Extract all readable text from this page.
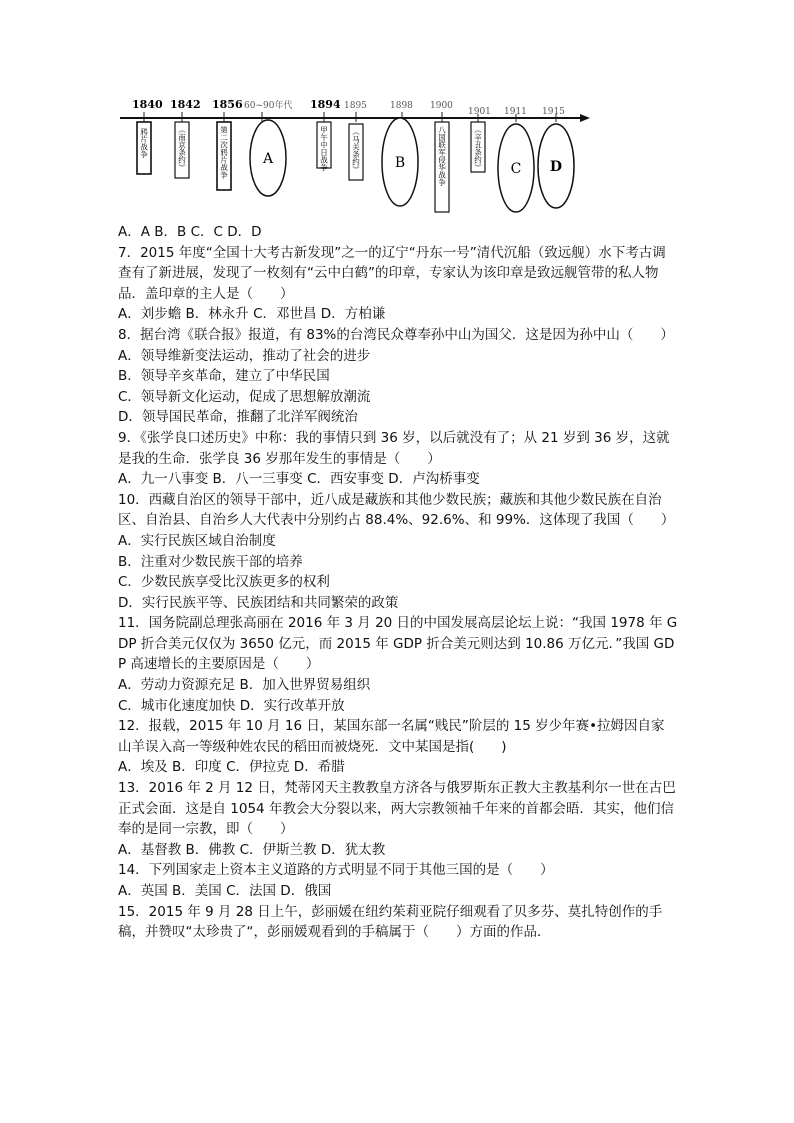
1840 1842 1856 60~90年代 1894 1895	1898 1900
1901 1911 1915
鸦片战争	《南京条约》	第二次鸦片战争	甲午中日战争	《马关条约》	八国联军侵华战争	《辛丑条约》
A	B	C D

A．A B．B C．C D．D

7．2015 年度“全国十大考古新发现”之一的辽宁“丹东一号”清代沉船（致远舰）水下考古调查有了新进展，发现了一枚刻有“云中白鹤”的印章，专家认为该印章是致远舰管带的私人物品．盖印章的主人是（　　）

A．刘步蟾 B．林永升 C．邓世昌 D．方柏谦

8．据台湾《联合报》报道，有 83%的台湾民众尊奉孙中山为国父．这是因为孙中山（　　）

A．领导维新变法运动，推动了社会的进步

B．领导辛亥革命，建立了中华民国

C．领导新文化运动，促成了思想解放潮流

D．领导国民革命，推翻了北洋军阀统治

9．《张学良口述历史》中称：我的事情只到 36 岁，以后就没有了；从 21 岁到 36 岁，这就是我的生命．张学良 36 岁那年发生的事情是（　　）

A．九一八事变 B．八一三事变 C．西安事变 D．卢沟桥事变

10．西藏自治区的领导干部中，近八成是藏族和其他少数民族；藏族和其他少数民族在自治区、自治县、自治乡人大代表中分别约占 88.4%、92.6%、和 99%．这体现了我国（　　）

A．实行民族区域自治制度

B．注重对少数民族干部的培养

C．少数民族享受比汉族更多的权利

D．实行民族平等、民族团结和共同繁荣的政策

11．国务院副总理张高丽在 2016 年 3 月 20 日的中国发展高层论坛上说：“我国 1978 年 GDP 折合美元仅仅为 3650 亿元，而 2015 年 GDP 折合美元则达到 10.86 万亿元．”我国 GDP 高速增长的主要原因是（　　）

A．劳动力资源充足 B．加入世界贸易组织

C．城市化速度加快 D．实行改革开放

12．报载，2015 年 10 月 16 日，某国东部一名属“贱民”阶层的 15 岁少年赛•拉姆因自家山羊误入高一等级种姓农民的稻田而被烧死．文中某国是指(　　)

A．埃及 B．印度 C．伊拉克 D．希腊

13．2016 年 2 月 12 日，梵蒂冈天主教教皇方济各与俄罗斯东正教大主教基利尔一世在古巴正式会面．这是自 1054 年教会大分裂以来，两大宗教领袖千年来的首都会晤．其实，他们信奉的是同一宗教，即（　　）

A．基督教 B．佛教 C．伊斯兰教 D．犹太教

14．下列国家走上资本主义道路的方式明显不同于其他三国的是（　　）

A．英国 B．美国 C．法国 D．俄国

15．2015 年 9 月 28 日上午，彭丽媛在纽约茱莉亚院仔细观看了贝多芬、莫扎特创作的手稿，并赞叹“太珍贵了“，彭丽媛观看到的手稿属于（　　）方面的作品．
